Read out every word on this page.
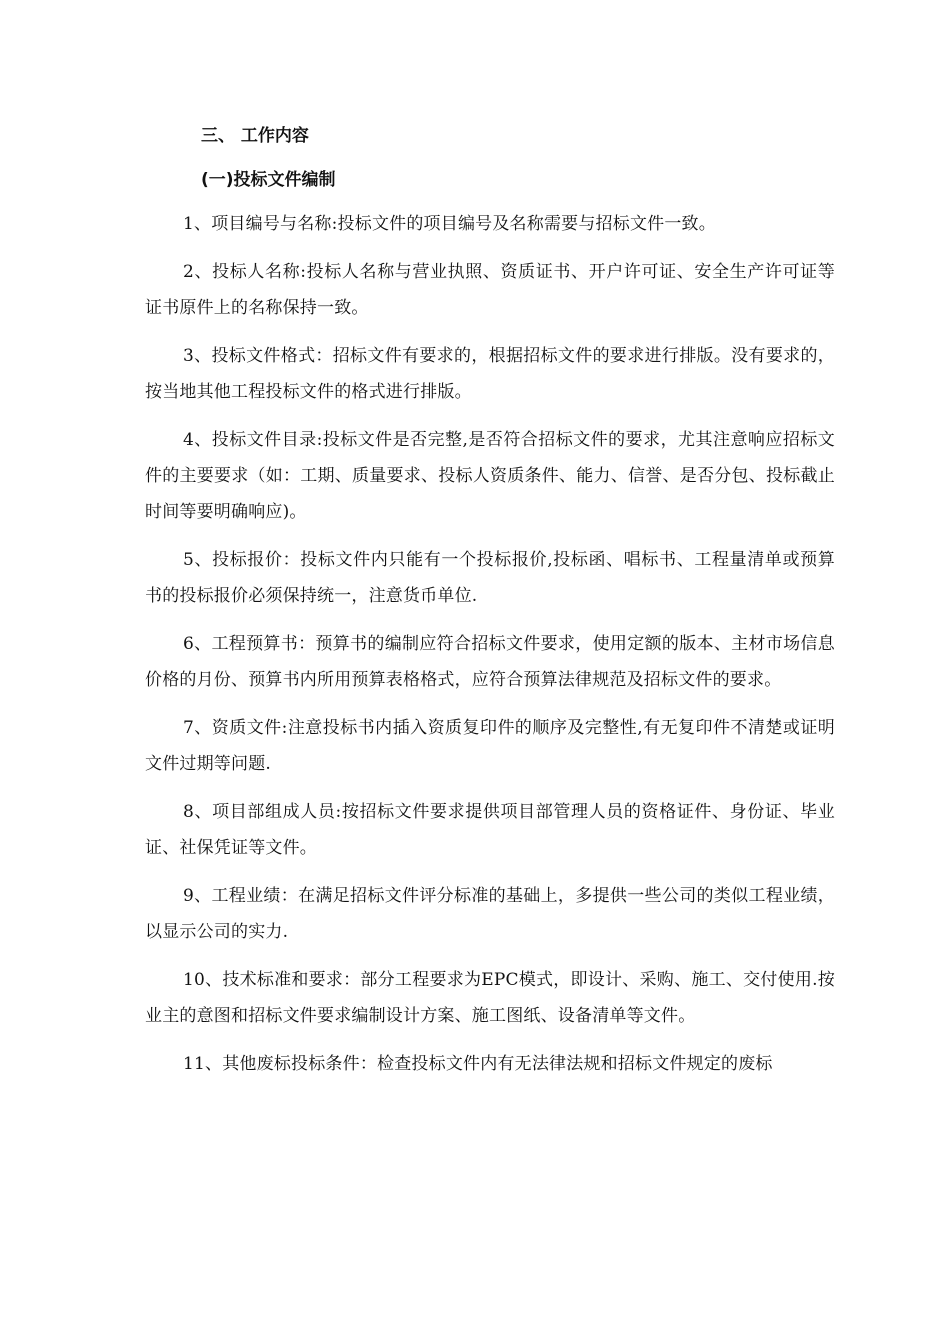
三、 工作内容
(一)投标文件编制

1、项目编号与名称:投标文件的项目编号及名称需要与招标文件一致。

2、投标人名称:投标人名称与营业执照、资质证书、开户许可证、安全生产许可证等证书原件上的名称保持一致。

3、投标文件格式：招标文件有要求的，根据招标文件的要求进行排版。没有要求的，按当地其他工程投标文件的格式进行排版。

4、投标文件目录:投标文件是否完整,是否符合招标文件的要求，尤其注意响应招标文件的主要要求（如：工期、质量要求、投标人资质条件、能力、信誉、是否分包、投标截止时间等要明确响应)。

5、投标报价：投标文件内只能有一个投标报价,投标函、唱标书、工程量清单或预算书的投标报价必须保持统一，注意货币单位.

6、工程预算书：预算书的编制应符合招标文件要求，使用定额的版本、主材市场信息价格的月份、预算书内所用预算表格格式，应符合预算法律规范及招标文件的要求。

7、资质文件:注意投标书内插入资质复印件的顺序及完整性,有无复印件不清楚或证明文件过期等问题.

8、项目部组成人员:按招标文件要求提供项目部管理人员的资格证件、身份证、毕业证、社保凭证等文件。

9、工程业绩：在满足招标文件评分标准的基础上，多提供一些公司的类似工程业绩，以显示公司的实力.

10、技术标准和要求：部分工程要求为EPC模式，即设计、采购、施工、交付使用.按业主的意图和招标文件要求编制设计方案、施工图纸、设备清单等文件。

11、其他废标投标条件：检查投标文件内有无法律法规和招标文件规定的废标
